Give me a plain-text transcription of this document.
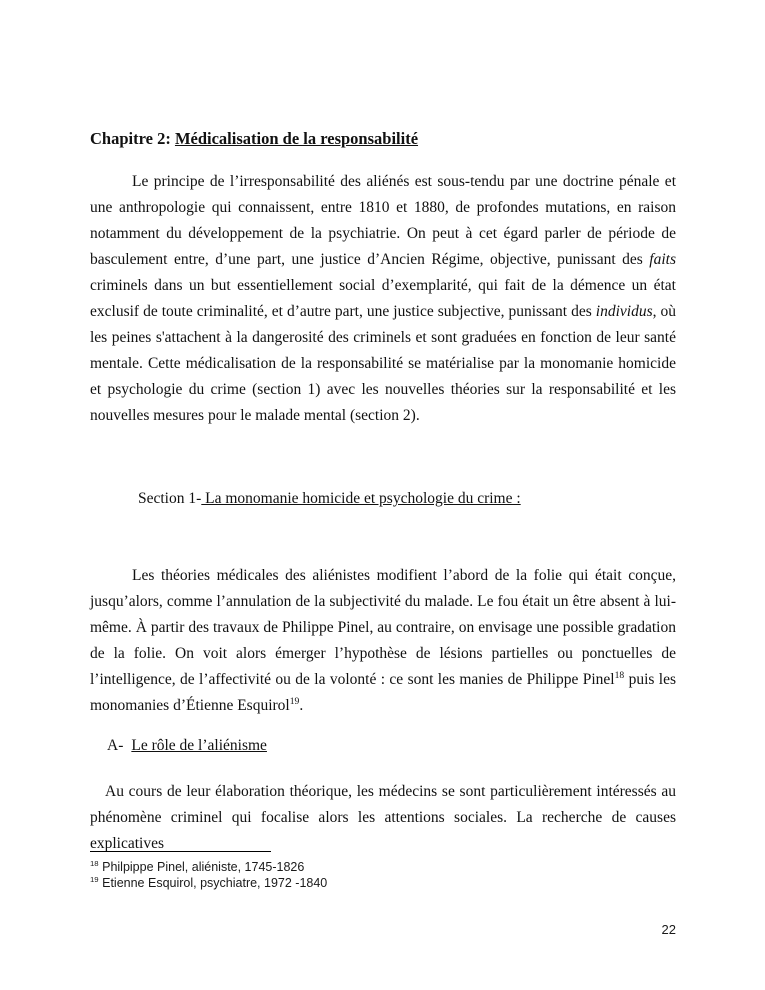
Chapitre 2: Médicalisation de la responsabilité

Le principe de l’irresponsabilité des aliénés est sous-tendu par une doctrine pénale et une anthropologie qui connaissent, entre 1810 et 1880, de profondes mutations, en raison notamment du développement de la psychiatrie. On peut à cet égard parler de période de basculement entre, d’une part, une justice d’Ancien Régime, objective, punissant des faits criminels dans un but essentiellement social d’exemplarité, qui fait de la démence un état exclusif de toute criminalité, et d’autre part, une justice subjective, punissant des individus, où les peines s'attachent à la dangerosité des criminels et sont graduées en fonction de leur santé mentale. Cette médicalisation de la responsabilité se matérialise par la monomanie homicide et psychologie du crime (section 1) avec les nouvelles théories sur la responsabilité et les nouvelles mesures pour le malade mental (section 2).

Section 1- La monomanie homicide et psychologie du crime :

Les théories médicales des aliénistes modifient l’abord de la folie qui était conçue, jusqu’alors, comme l’annulation de la subjectivité du malade. Le fou était un être absent à lui-même. À partir des travaux de Philippe Pinel, au contraire, on envisage une possible gradation de la folie. On voit alors émerger l’hypothèse de lésions partielles ou ponctuelles de l’intelligence, de l’affectivité ou de la volonté : ce sont les manies de Philippe Pinel$^{18}$ puis les monomanies d’Étienne Esquirol$^{19}$.

A- Le rôle de l’aliénisme

Au cours de leur élaboration théorique, les médecins se sont particulièrement intéressés au phénomène criminel qui focalise alors les attentions sociales. La recherche de causes explicatives

$^{18}$ Philpippe Pinel, aliéniste, 1745-1826
$^{19}$ Etienne Esquirol, psychiatre, 1972 -1840
22
